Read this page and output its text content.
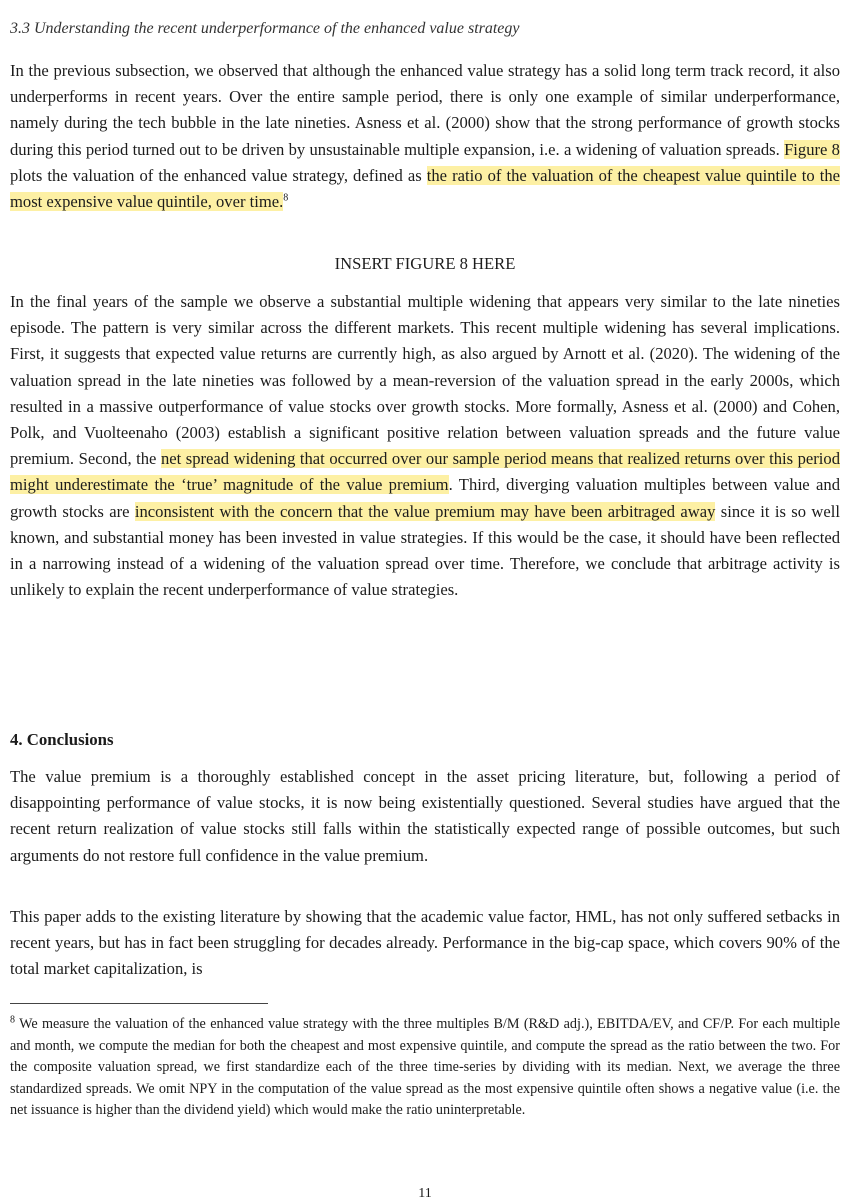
3.3 Understanding the recent underperformance of the enhanced value strategy
In the previous subsection, we observed that although the enhanced value strategy has a solid long term track record, it also underperforms in recent years. Over the entire sample period, there is only one example of similar underperformance, namely during the tech bubble in the late nineties. Asness et al. (2000) show that the strong performance of growth stocks during this period turned out to be driven by unsustainable multiple expansion, i.e. a widening of valuation spreads. Figure 8 plots the valuation of the enhanced value strategy, defined as the ratio of the valuation of the cheapest value quintile to the most expensive value quintile, over time.$^8$
INSERT FIGURE 8 HERE
In the final years of the sample we observe a substantial multiple widening that appears very similar to the late nineties episode. The pattern is very similar across the different markets. This recent multiple widening has several implications. First, it suggests that expected value returns are currently high, as also argued by Arnott et al. (2020). The widening of the valuation spread in the late nineties was followed by a mean-reversion of the valuation spread in the early 2000s, which resulted in a massive outperformance of value stocks over growth stocks. More formally, Asness et al. (2000) and Cohen, Polk, and Vuolteenaho (2003) establish a significant positive relation between valuation spreads and the future value premium. Second, the net spread widening that occurred over our sample period means that realized returns over this period might underestimate the ‘true’ magnitude of the value premium. Third, diverging valuation multiples between value and growth stocks are inconsistent with the concern that the value premium may have been arbitraged away since it is so well known, and substantial money has been invested in value strategies. If this would be the case, it should have been reflected in a narrowing instead of a widening of the valuation spread over time. Therefore, we conclude that arbitrage activity is unlikely to explain the recent underperformance of value strategies.
4. Conclusions
The value premium is a thoroughly established concept in the asset pricing literature, but, following a period of disappointing performance of value stocks, it is now being existentially questioned. Several studies have argued that the recent return realization of value stocks still falls within the statistically expected range of possible outcomes, but such arguments do not restore full confidence in the value premium.
This paper adds to the existing literature by showing that the academic value factor, HML, has not only suffered setbacks in recent years, but has in fact been struggling for decades already. Performance in the big-cap space, which covers 90% of the total market capitalization, is
$^8$ We measure the valuation of the enhanced value strategy with the three multiples B/M (R&D adj.), EBITDA/EV, and CF/P. For each multiple and month, we compute the median for both the cheapest and most expensive quintile, and compute the spread as the ratio between the two. For the composite valuation spread, we first standardize each of the three time-series by dividing with its median. Next, we average the three standardized spreads. We omit NPY in the computation of the value spread as the most expensive quintile often shows a negative value (i.e. the net issuance is higher than the dividend yield) which would make the ratio uninterpretable.
11
